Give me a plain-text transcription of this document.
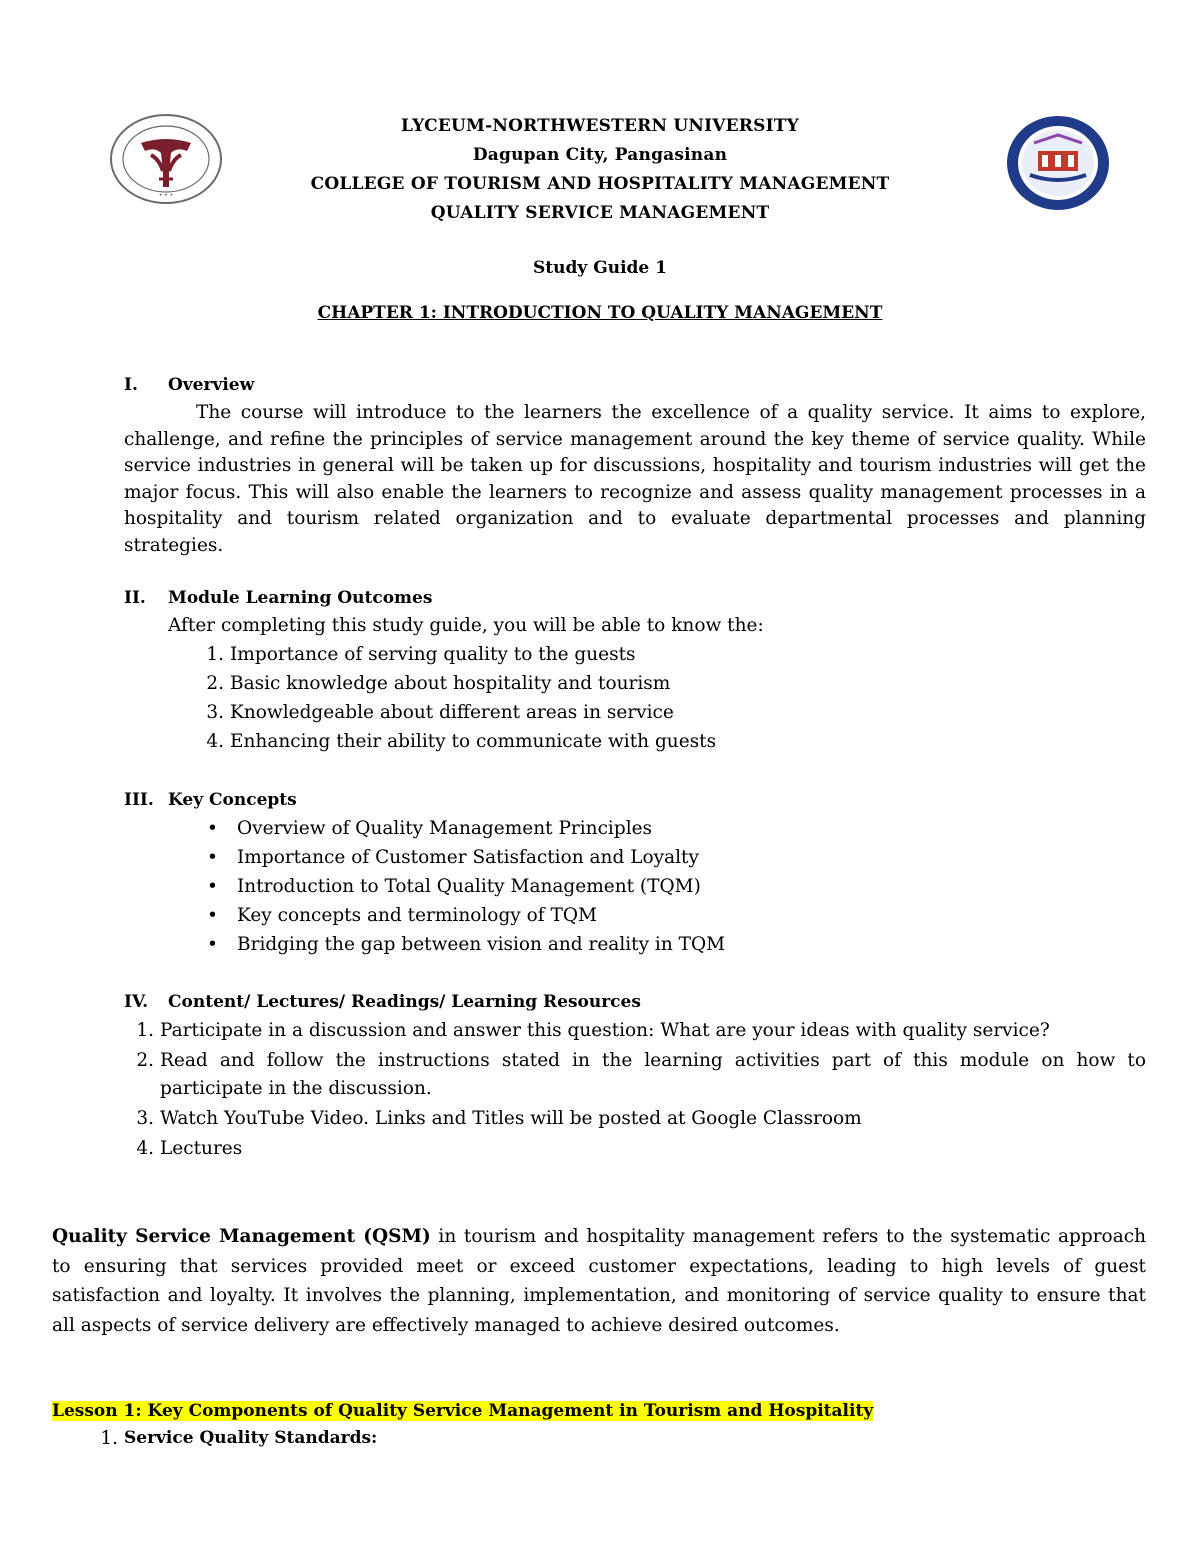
• • •
LYCEUM-NORTHWESTERN UNIVERSITY
Dagupan City, Pangasinan
COLLEGE OF TOURISM AND HOSPITALITY MANAGEMENT
QUALITY SERVICE MANAGEMENT
Study Guide 1
CHAPTER 1: INTRODUCTION TO QUALITY MANAGEMENT
I. Overview
The course will introduce to the learners the excellence of a quality service. It aims to explore, challenge, and refine the principles of service management around the key theme of service quality. While service industries in general will be taken up for discussions, hospitality and tourism industries will get the major focus. This will also enable the learners to recognize and assess quality management processes in a hospitality and tourism related organization and to evaluate departmental processes and planning strategies.
II. Module Learning Outcomes
After completing this study guide, you will be able to know the:
1. Importance of serving quality to the guests
2. Basic knowledge about hospitality and tourism
3. Knowledgeable about different areas in service
4. Enhancing their ability to communicate with guests
III. Key Concepts
• Overview of Quality Management Principles
• Importance of Customer Satisfaction and Loyalty
• Introduction to Total Quality Management (TQM)
• Key concepts and terminology of TQM
• Bridging the gap between vision and reality in TQM
IV. Content/ Lectures/ Readings/ Learning Resources
1. Participate in a discussion and answer this question: What are your ideas with quality service?
2. Read and follow the instructions stated in the learning activities part of this module on how to participate in the discussion.
3. Watch YouTube Video. Links and Titles will be posted at Google Classroom
4. Lectures
Quality Service Management (QSM) in tourism and hospitality management refers to the systematic approach to ensuring that services provided meet or exceed customer expectations, leading to high levels of guest satisfaction and loyalty. It involves the planning, implementation, and monitoring of service quality to ensure that all aspects of service delivery are effectively managed to achieve desired outcomes.
Lesson 1: Key Components of Quality Service Management in Tourism and Hospitality
1. Service Quality Standards:
